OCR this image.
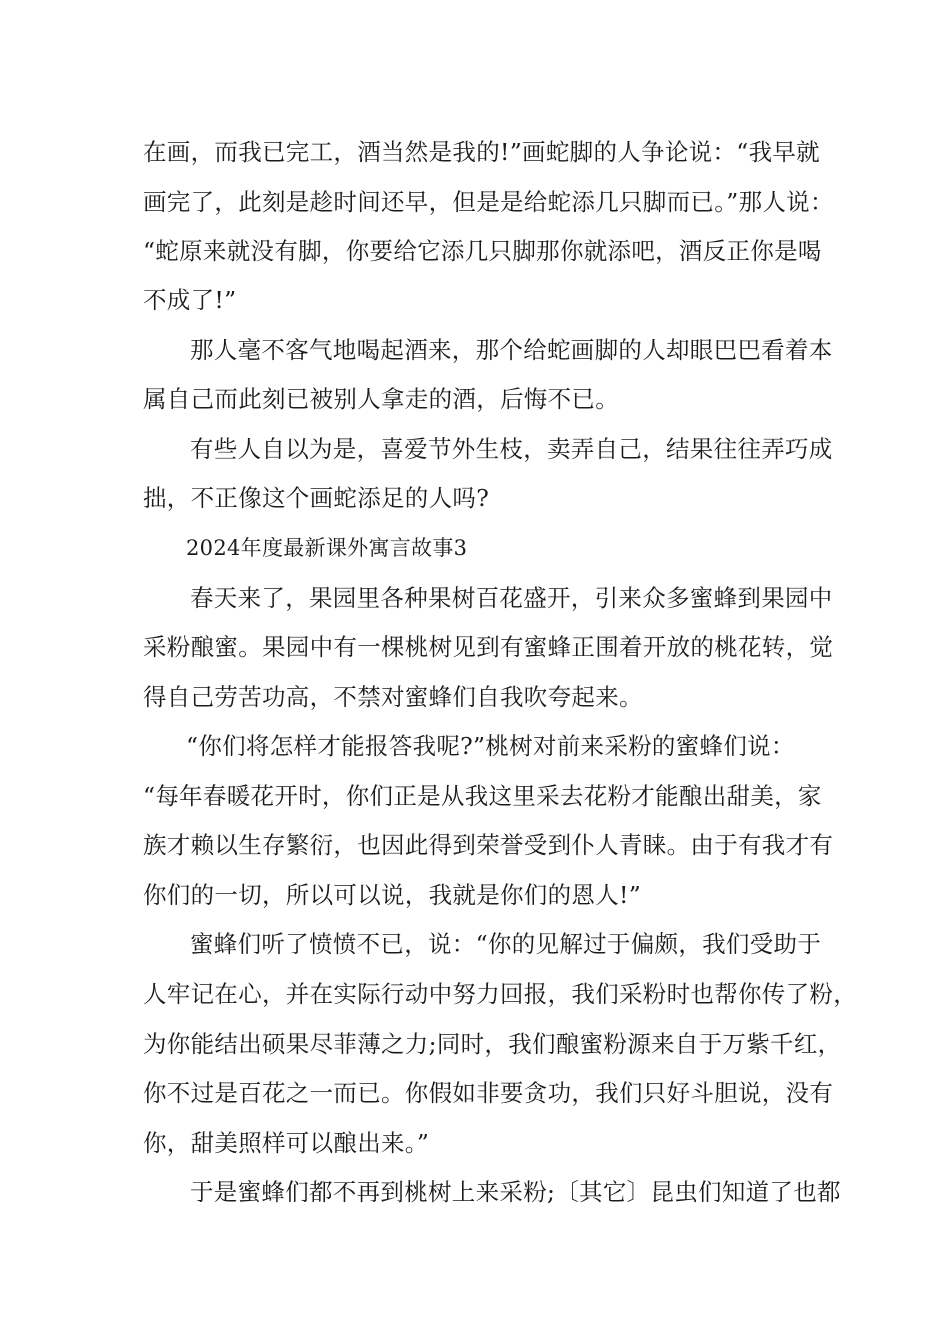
在画，而我已完工，酒当然是我的!”画蛇脚的人争论说：“我早就
画完了，此刻是趁时间还早，但是是给蛇添几只脚而已。”那人说：
“蛇原来就没有脚，你要给它添几只脚那你就添吧，酒反正你是喝
不成了!”
那人毫不客气地喝起酒来，那个给蛇画脚的人却眼巴巴看着本
属自己而此刻已被别人拿走的酒，后悔不已。
有些人自以为是，喜爱节外生枝，卖弄自己，结果往往弄巧成
拙，不正像这个画蛇添足的人吗?
2024年度最新课外寓言故事3
春天来了，果园里各种果树百花盛开，引来众多蜜蜂到果园中
采粉酿蜜。果园中有一棵桃树见到有蜜蜂正围着开放的桃花转，觉
得自己劳苦功高，不禁对蜜蜂们自我吹夸起来。
“你们将怎样才能报答我呢?”桃树对前来采粉的蜜蜂们说：
“每年春暖花开时，你们正是从我这里采去花粉才能酿出甜美，家
族才赖以生存繁衍，也因此得到荣誉受到仆人青睐。由于有我才有
你们的一切，所以可以说，我就是你们的恩人!”
蜜蜂们听了愤愤不已，说：“你的见解过于偏颇，我们受助于
人牢记在心，并在实际行动中努力回报，我们采粉时也帮你传了粉，
为你能结出硕果尽菲薄之力;同时，我们酿蜜粉源来自于万紫千红，
你不过是百花之一而已。你假如非要贪功，我们只好斗胆说，没有
你，甜美照样可以酿出来。”
于是蜜蜂们都不再到桃树上来采粉;〔其它〕昆虫们知道了也都
